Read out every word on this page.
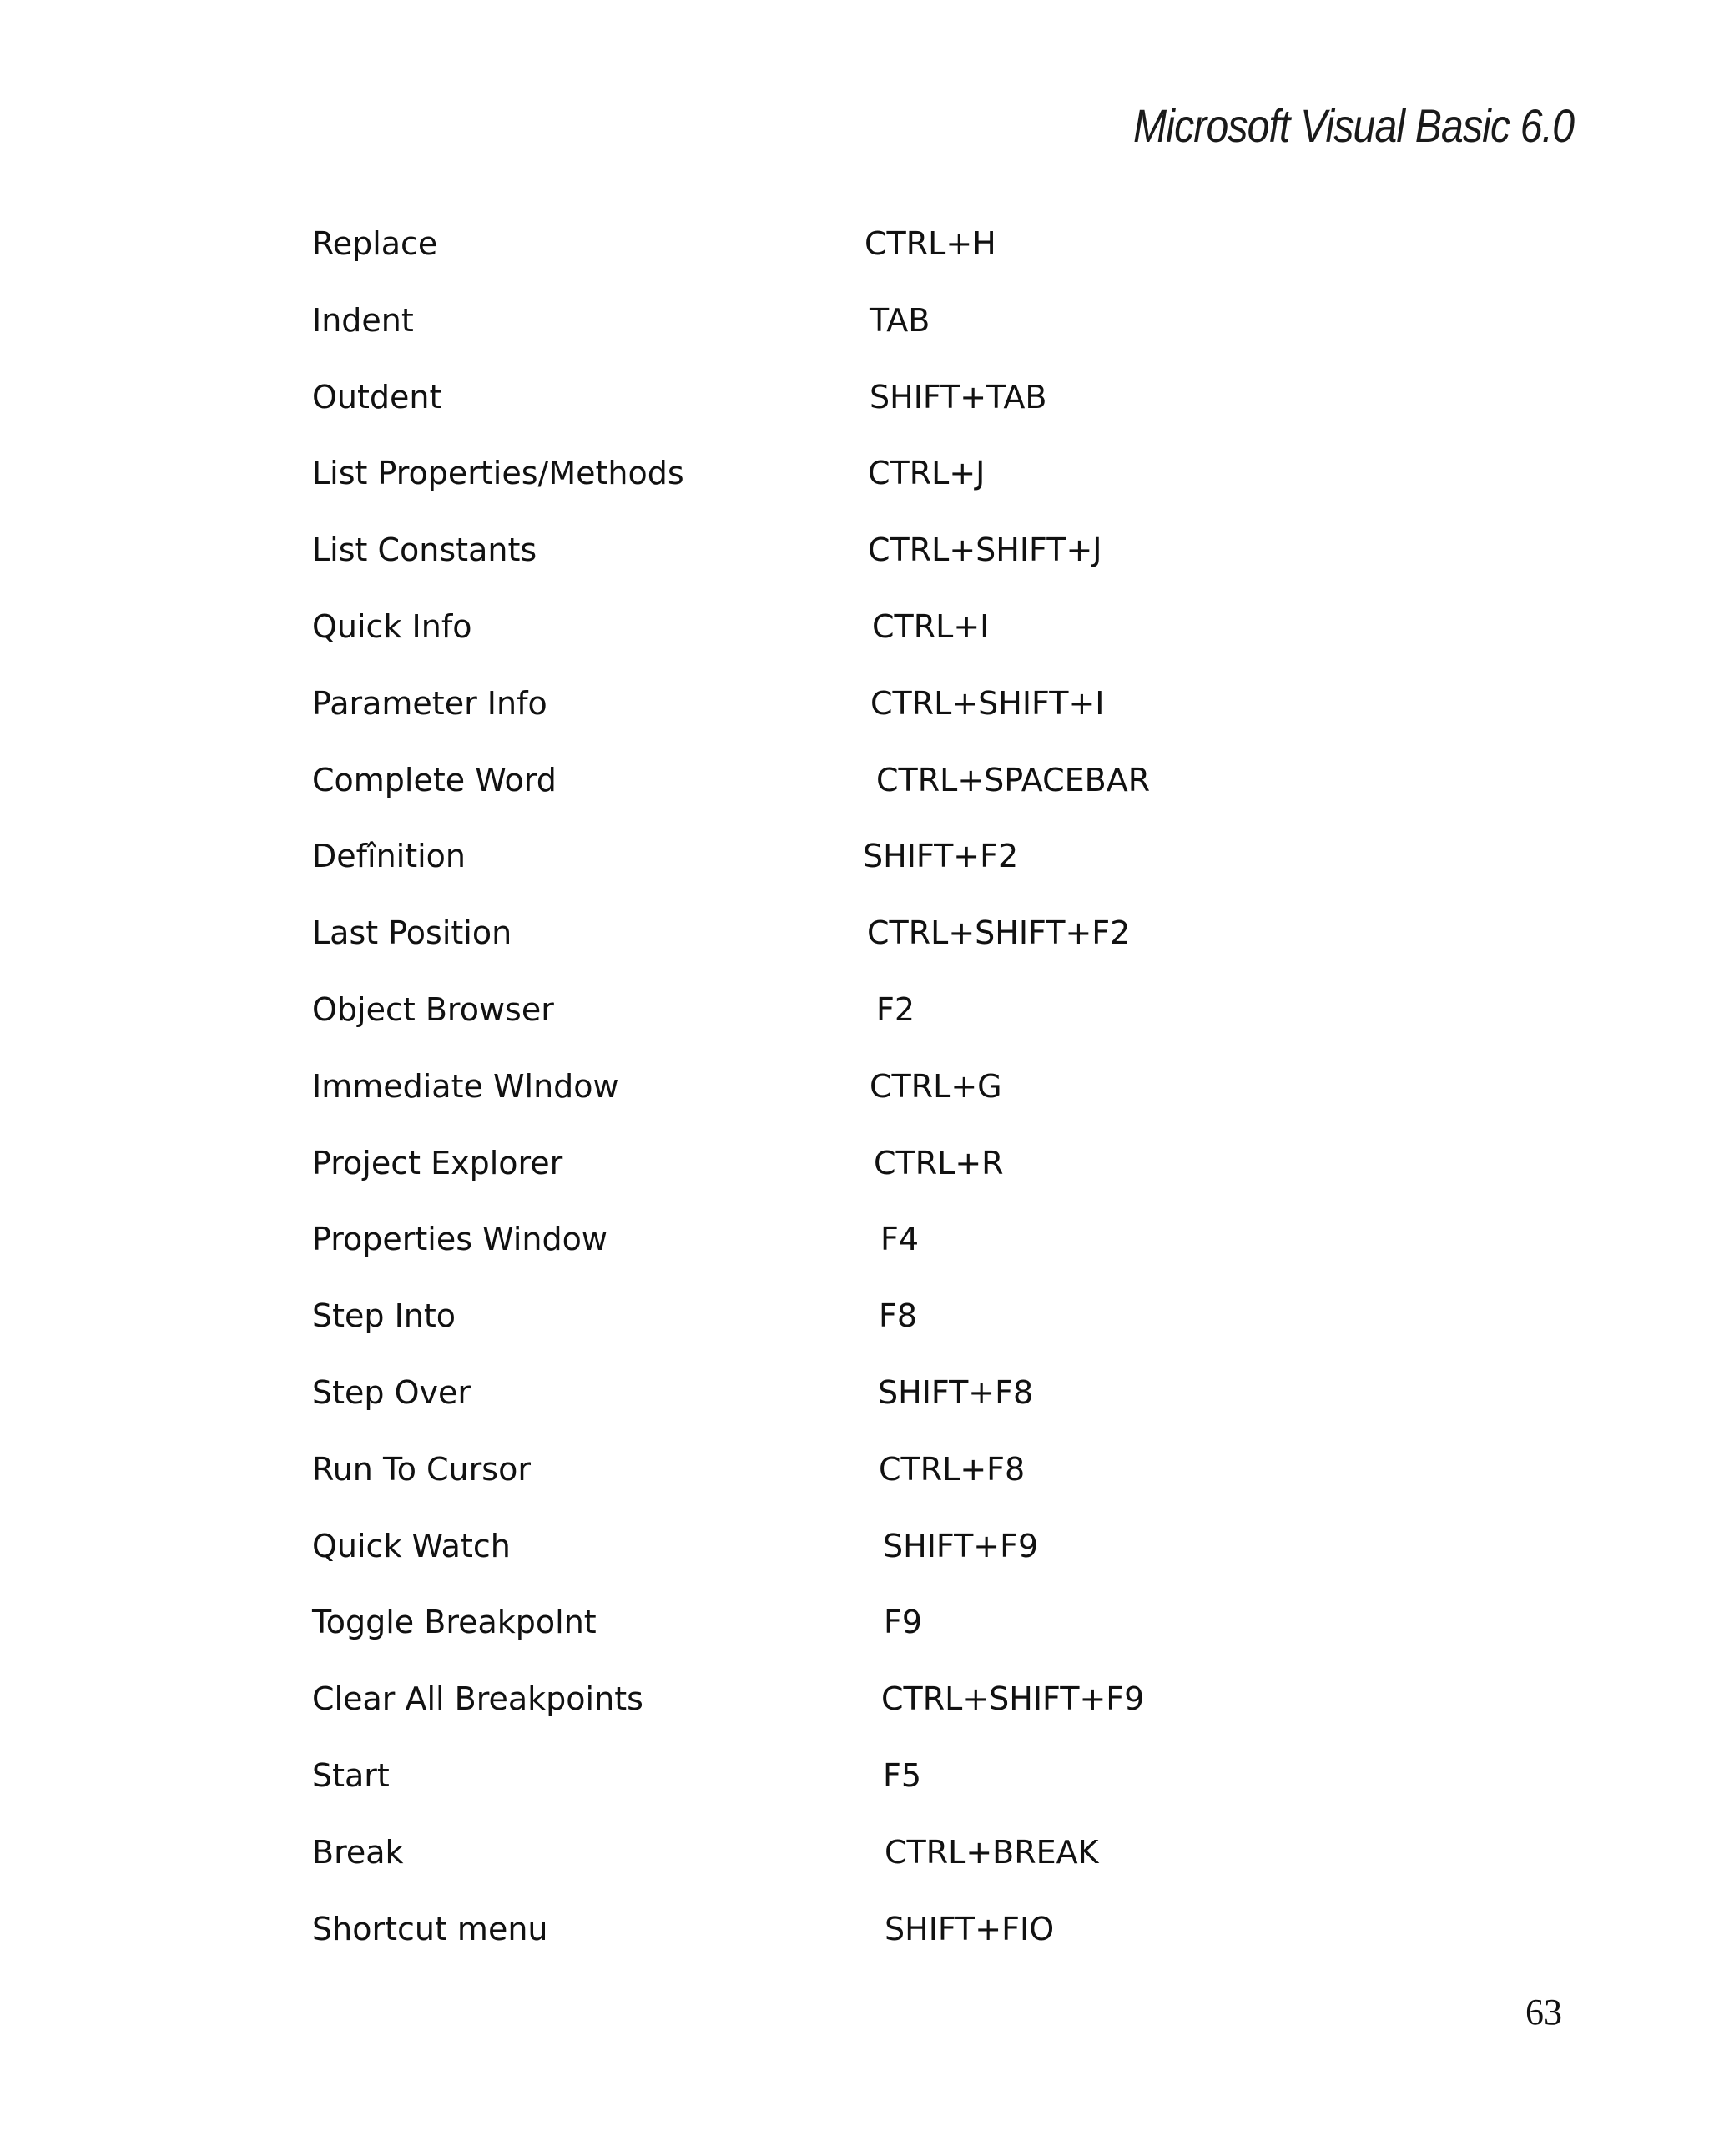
Microsoft Visual Basic 6.0
Replace	CTRL+H
Indent	TAB
Outdent	SHIFT+TAB
List Properties/Methods	CTRL+J
List Constants	CTRL+SHIFT+J
Quick Info	CTRL+I
Parameter Info	CTRL+SHIFT+I
Complete Word	CTRL+SPACEBAR
Defînition	SHIFT+F2
Last Position	CTRL+SHIFT+F2
Object Browser	F2
Immediate Wlndow	CTRL+G
Project Explorer	CTRL+R
Properties Window	F4
Step Into	F8
Step Over	SHIFT+F8
Run To Cursor	CTRL+F8
Quick Watch	SHIFT+F9
Toggle Breakpolnt	F9
Clear All Breakpoints	CTRL+SHIFT+F9
Start	F5
Break	CTRL+BREAK
Shortcut menu	SHIFT+FIO
63
